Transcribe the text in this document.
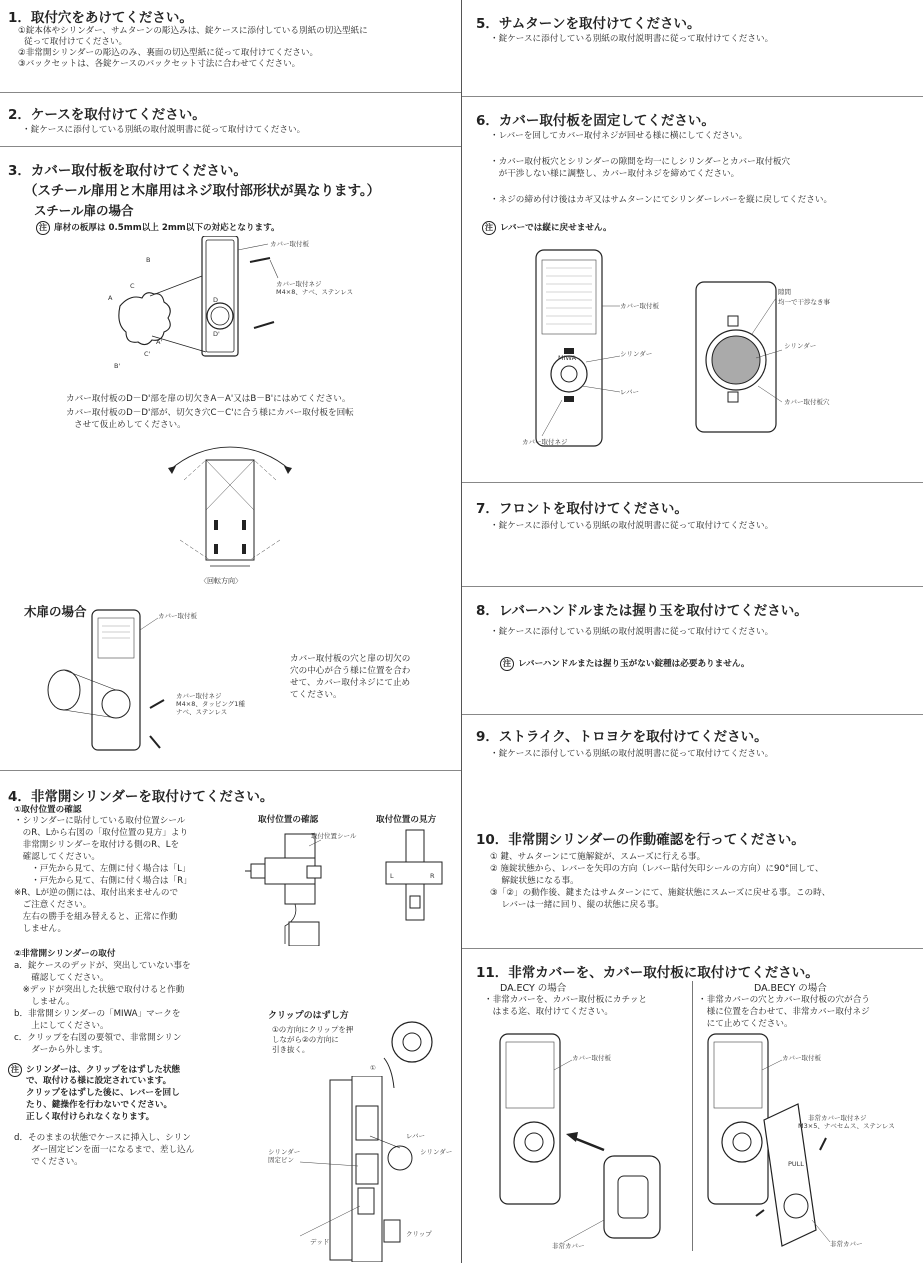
1．取付穴をあけてください。
①錠本体やシリンダー、サムターンの彫込みは、錠ケースに添付している別紙の切込型紙に
従って取付けてください。
②非常開シリンダーの彫込のみ、裏面の切込型紙に従って取付けてください。
③バックセットは、各錠ケースのバックセット寸法に合わせてください。
2．ケースを取付けてください。
・錠ケースに添付している別紙の取付説明書に従って取付けてください。
3．カバー取付板を取付けてください。
（スチール扉用と木扉用はネジ取付部形状が異なります。）
スチール扉の場合
注 扉材の板厚は 0.5mm以上 2mm以下の対応となります。
カバー取付板
カバー取付ネジ
M4×8、ナベ、ステンレス
A
C
B
A'
C'
B'
D
D'
カバー取付板のD－D'部を扉の切欠きA－A'又はB－B'にはめてください。
カバー取付板のD－D'部が、切欠き穴C－C'に合う様にカバー取付板を回転
させて仮止めしてください。
〈回転方向〉
木扉の場合	カバー取付板
カバー取付ネジ
M4×8、タッピング1種
ナベ、ステンレス
カバー取付板の穴と扉の切欠の
穴の中心が合う様に位置を合わ
せて、カバー取付ネジにて止め
てください。
4．非常開シリンダーを取付けてください。
①取付位置の確認
・シリンダーに貼付している取付位置シール
　のR、Lから右図の「取付位置の見方」より
　非常開シリンダーを取付ける側のR、Lを
　確認してください。
　　・戸先から見て、左側に付く場合は「L」
　　・戸先から見て、右側に付く場合は「R」
※R、Lが逆の側には、取付出来ませんので
　ご注意ください。
　左右の勝手を組み替えると、正常に作動
　しません。
②非常開シリンダーの取付
a．錠ケースのデッドが、突出していない事を
　　確認してください。
　※デッドが突出した状態で取付けると作動
　　しません。
b．非常開シリンダーの「MIWA」マークを
　　上にしてください。
c．クリップを右図の要領で、非常開シリン
　　ダーから外します。
注 シリンダーは、クリップをはずした状態
で、取付ける様に設定されています。
クリップをはずした後に、レバーを回し
たり、鍵操作を行わないでください。
正しく取付けられなくなります。
d．そのままの状態でケースに挿入し、シリン
　　ダー固定ピンを面一になるまで、差し込ん
　　でください。
取付位置の確認	取付位置の見方
クリップのはずし方
①の方向にクリップを押
しながら②の方向に
引き抜く。
取付位置シール
L	R
①
シリンダー
固定ピン
レバー
シリンダー
デッド
クリップ
5．サムターンを取付けてください。
・錠ケースに添付している別紙の取付説明書に従って取付けてください。
6．カバー取付板を固定してください。
・レバーを回してカバー取付ネジが回せる様に横にしてください。
・カバー取付板穴とシリンダーの隙間を均一にしシリンダーとカバー取付板穴
　が干渉しない様に調整し、カバー取付ネジを締めてください。
・ネジの締め付け後はカギ又はサムターンにてシリンダーレバーを縦に戻してください。
注 レバーでは縦に戻せません。
MIWA
カバー取付板
シリンダー
レバー
カバー取付ネジ
隙間
均一で干渉なき事
シリンダー
カバー取付板穴
7．フロントを取付けてください。
・錠ケースに添付している別紙の取付説明書に従って取付けてください。
8．レバーハンドルまたは握り玉を取付けてください。
・錠ケースに添付している別紙の取付説明書に従って取付けてください。
注 レバーハンドルまたは握り玉がない錠種は必要ありません。
9．ストライク、トロヨケを取付けてください。
・錠ケースに添付している別紙の取付説明書に従って取付けてください。
10．非常開シリンダーの作動確認を行ってください。
① 鍵、サムターンにて施解錠が、スムーズに行える事。
② 施錠状態から、レバーを矢印の方向（レバー貼付矢印シールの方向）に90°回して、
　 解錠状態になる事。
③「②」の動作後、鍵またはサムターンにて、施錠状態にスムーズに戻せる事。この時、
　 レバーは一緒に回り、縦の状態に戻る事。
11．非常カバーを、カバー取付板に取付けてください。
DA.ECY の場合
・非常カバーを、カバー取付板にカチッと
　はまる迄、取付けてください。
DA.BECY の場合
・非常カバーの穴とカバー取付板の穴が合う
　様に位置を合わせて、非常カバー取付ネジ
　にて止めてください。
カバー取付板
非常カバー
PULL
カバー取付板
非常カバー取付ネジ
M3×5、ナベセムス、ステンレス
非常カバー
